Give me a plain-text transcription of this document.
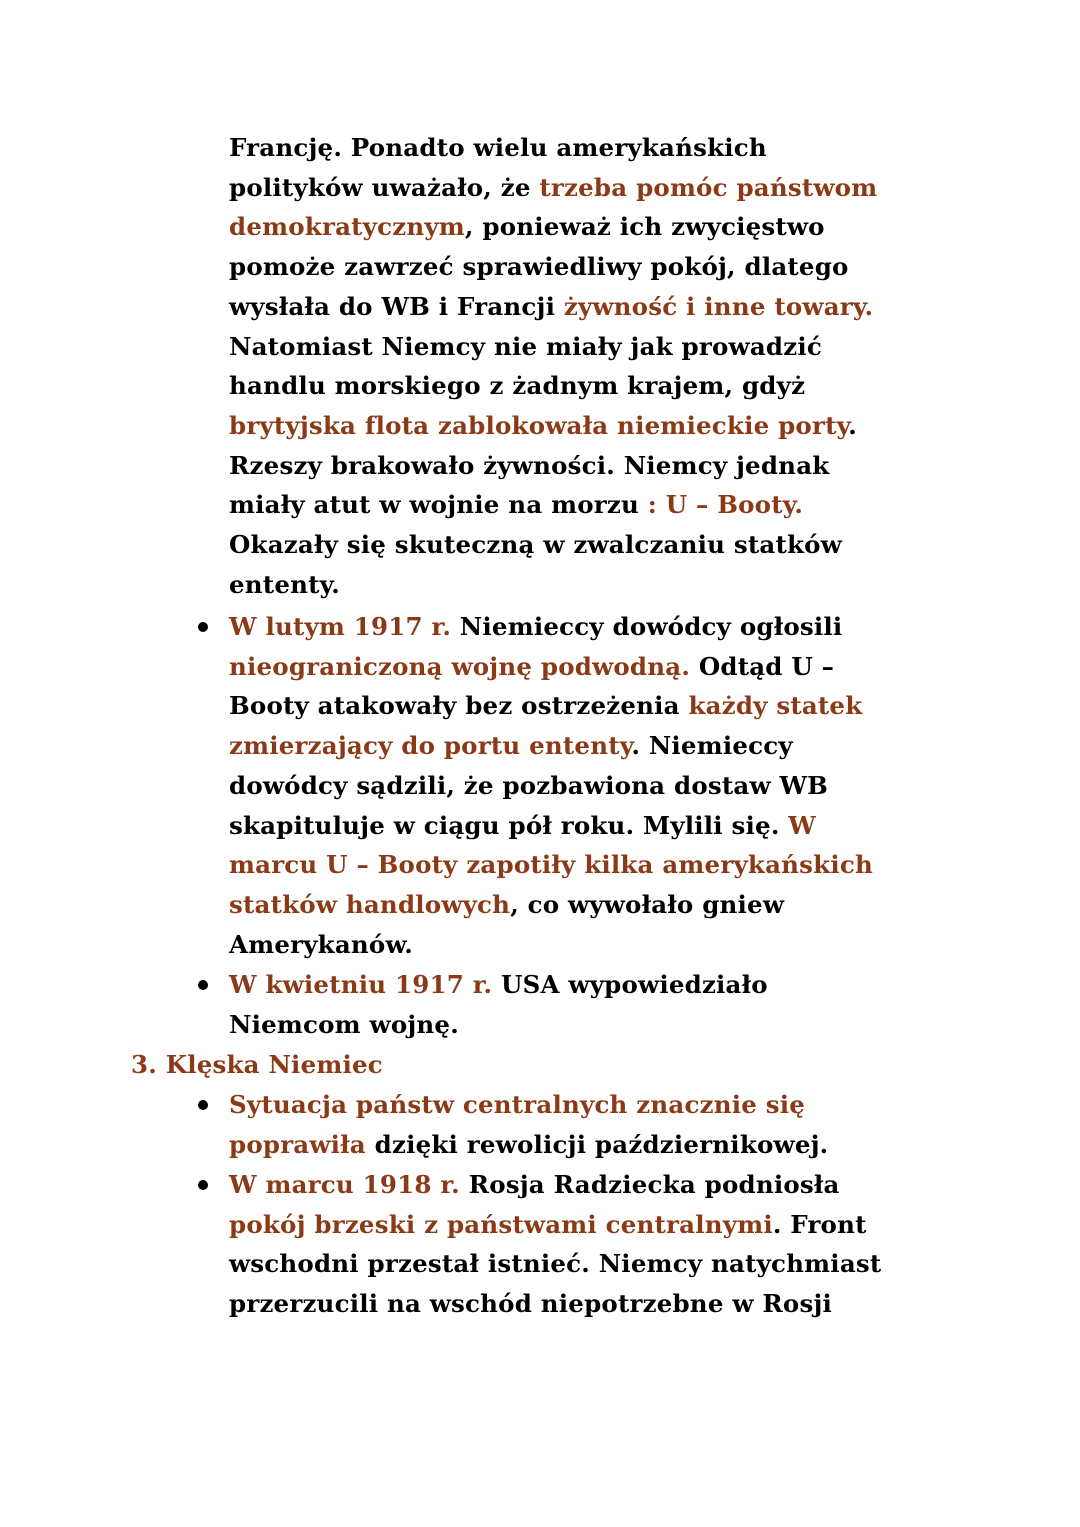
Francję. Ponadto wielu amerykańskich
polityków uważało, że trzeba pomóc państwom
demokratycznym, ponieważ ich zwycięstwo
pomoże zawrzeć sprawiedliwy pokój, dlatego
wysłała do WB i Francji żywność i inne towary.
Natomiast Niemcy nie miały jak prowadzić
handlu morskiego z żadnym krajem, gdyż
brytyjska flota zablokowała niemieckie porty.
Rzeszy brakowało żywności. Niemcy jednak
miały atut w wojnie na morzu : U – Booty.
Okazały się skuteczną w zwalczaniu statków
ententy.
W lutym 1917 r. Niemieccy dowódcy ogłosili
nieograniczoną wojnę podwodną. Odtąd U –
Booty atakowały bez ostrzeżenia każdy statek
zmierzający do portu ententy. Niemieccy
dowódcy sądzili, że pozbawiona dostaw WB
skapituluje w ciągu pół roku. Mylili się. W
marcu U – Booty zapotiły kilka amerykańskich
statków handlowych, co wywołało gniew
Amerykanów.
W kwietniu 1917 r. USA wypowiedziało
Niemcom wojnę.
3. Klęska Niemiec
Sytuacja państw centralnych znacznie się
poprawiła dzięki rewolicji październikowej.
W marcu 1918 r. Rosja Radziecka podniosła
pokój brzeski z państwami centralnymi. Front
wschodni przestał istnieć. Niemcy natychmiast
przerzucili na wschód niepotrzebne w Rosji
